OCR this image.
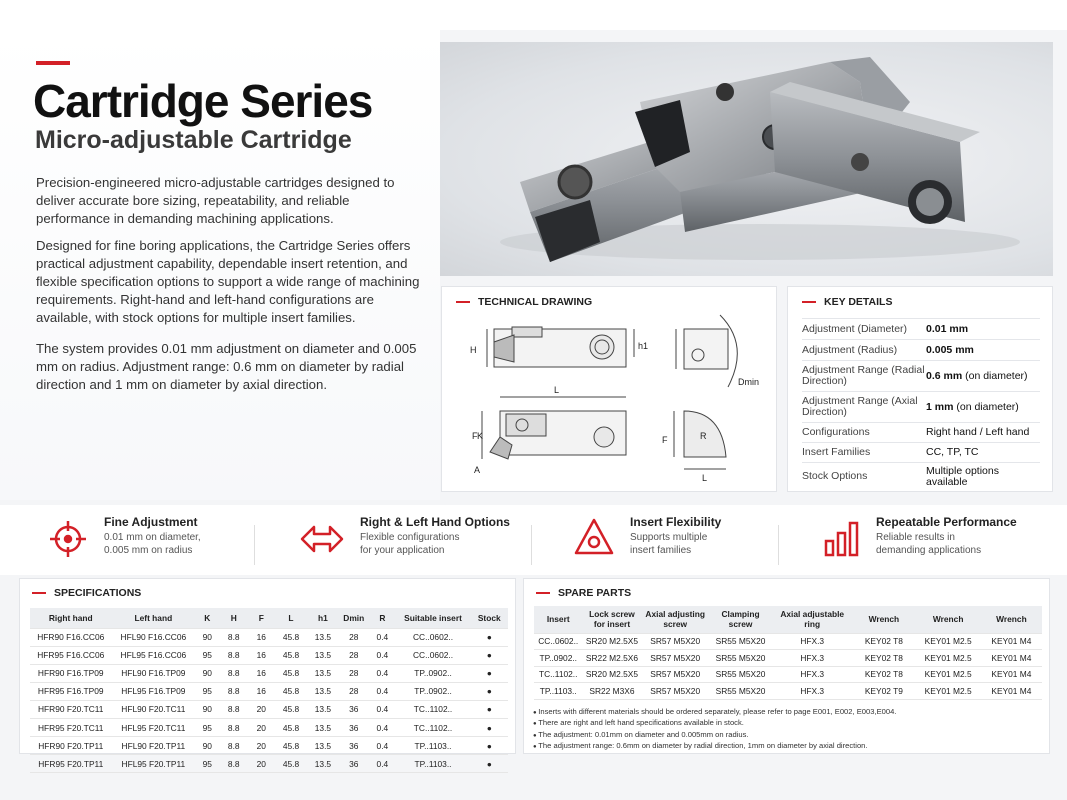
Cartridge Series
Micro-adjustable Cartridge

Precision-engineered micro-adjustable cartridges designed to deliver accurate bore sizing, repeatability, and reliable performance in demanding machining applications.

Designed for fine boring applications, the Cartridge Series offers practical adjustment capability, dependable insert retention, and flexible specification options to support a wide range of machining requirements. Right-hand and left-hand configurations are available, with stock options for multiple insert families.

The system provides 0.01 mm adjustment on diameter and 0.005 mm on radius. Adjustment range: 0.6 mm on diameter by radial direction and 1 mm on diameter by axial direction.

TECHNICAL DRAWING
H	h1
L
Dmin
F K
A
R
F
L
KEY DETAILS
Adjustment (Diameter)	0.01 mm
Adjustment (Radius)	0.005 mm
Adjustment Range (Radial Direction)	0.6 mm (on diameter)
Adjustment Range (Axial Direction)	1 mm (on diameter)
Configurations	Right hand / Left hand
Insert Families	CC, TP, TC
Stock Options	Multiple options available
Fine Adjustment
0.01 mm on diameter,
0.005 mm on radius
Right & Left Hand Options
Flexible configurations
for your application
Insert Flexibility
Supports multiple
insert families
Repeatable Performance
Reliable results in
demanding applications
SPECIFICATIONS
Right hand	Left hand	K	H	F	L	h1	Dmin	R	Suitable insert	Stock
HFR90 F16.CC06	HFL90 F16.CC06	90	8.8	16	45.8	13.5	28	0.4	CC..0602..	●
HFR95 F16.CC06	HFL95 F16.CC06	95	8.8	16	45.8	13.5	28	0.4	CC..0602..	●
HFR90 F16.TP09	HFL90 F16.TP09	90	8.8	16	45.8	13.5	28	0.4	TP..0902..	●
HFR95 F16.TP09	HFL95 F16.TP09	95	8.8	16	45.8	13.5	28	0.4	TP..0902..	●
HFR90 F20.TC11	HFL90 F20.TC11	90	8.8	20	45.8	13.5	36	0.4	TC..1102..	●
HFR95 F20.TC11	HFL95 F20.TC11	95	8.8	20	45.8	13.5	36	0.4	TC..1102..	●
HFR90 F20.TP11	HFL90 F20.TP11	90	8.8	20	45.8	13.5	36	0.4	TP..1103..	●
HFR95 F20.TP11	HFL95 F20.TP11	95	8.8	20	45.8	13.5	36	0.4	TP..1103..	●
SPARE PARTS
Insert	Lock screw for insert	Axial adjusting screw	Clamping screw	Axial adjustable ring	Wrench	Wrench	Wrench
CC..0602..	SR20 M2.5X5	SR57 M5X20	SR55 M5X20	HFX.3	KEY02 T8	KEY01 M2.5	KEY01 M4
TP..0902..	SR22 M2.5X6	SR57 M5X20	SR55 M5X20	HFX.3	KEY02 T8	KEY01 M2.5	KEY01 M4
TC..1102..	SR20 M2.5X5	SR57 M5X20	SR55 M5X20	HFX.3	KEY02 T8	KEY01 M2.5	KEY01 M4
TP..1103..	SR22 M3X6	SR57 M5X20	SR55 M5X20	HFX.3	KEY02 T9	KEY01 M2.5	KEY01 M4
● Inserts with different materials should be ordered separately, please refer to page E001, E002, E003,E004.
● There are right and left hand specifications available in stock.
● The adjustment: 0.01mm on diameter and 0.005mm on radius.
● The adjustment range: 0.6mm on diameter by radial direction, 1mm on diameter by axial direction.
